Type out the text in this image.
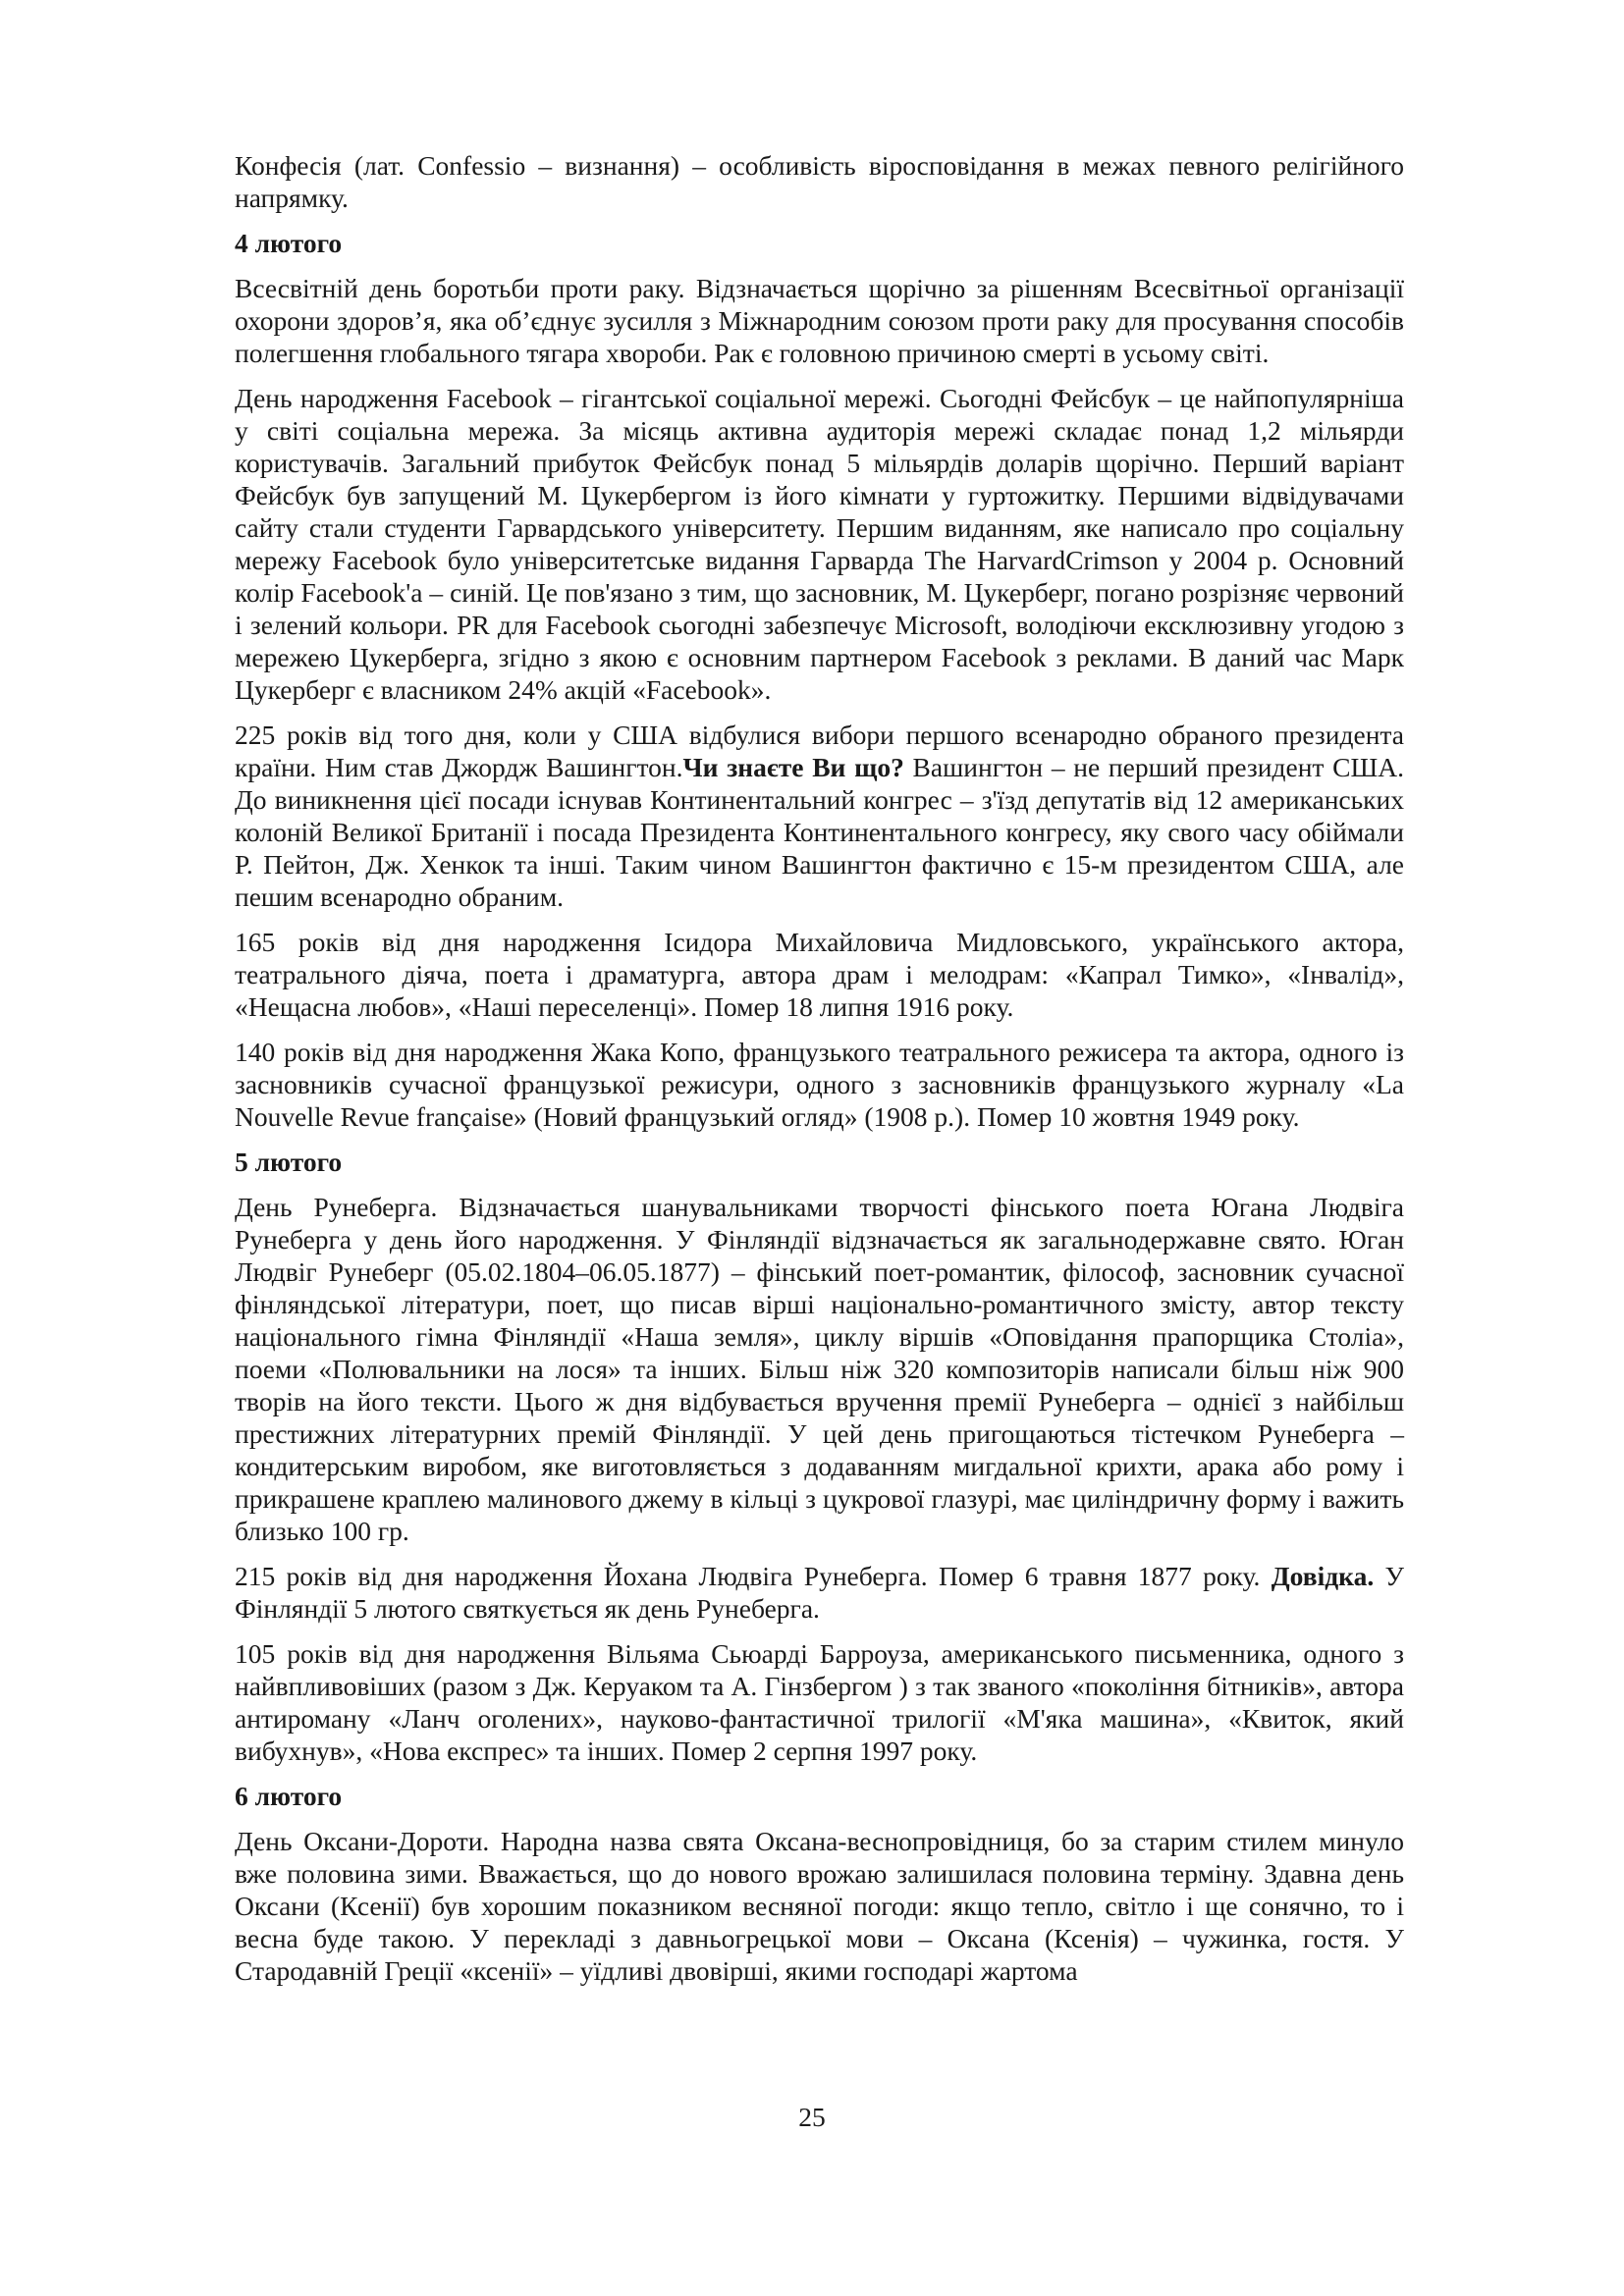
Конфесія (лат. Confessio – визнання) – особливість віросповідання в межах певного релігійного напрямку.

4 лютого

Всесвітній день боротьби проти раку. Відзначається щорічно за рішенням Всесвітньої організації охорони здоров’я, яка об’єднує зусилля з Міжнародним союзом проти раку для просування способів полегшення глобального тягара хвороби. Рак є головною причиною смерті в усьому світі.

День народження Facebook – гігантської соціальної мережі. Сьогодні Фейсбук – це найпопулярніша у світі соціальна мережа. За місяць активна аудиторія мережі складає понад 1,2 мільярди користувачів. Загальний прибуток Фейсбук понад 5 мільярдів доларів щорічно. Перший варіант Фейсбук був запущений М. Цукербергом із його кімнати у гуртожитку. Першими відвідувачами сайту стали студенти Гарвардського університету. Першим виданням, яке написало про соціальну мережу Facebook було університетське видання Гарварда The HarvardCrimson у 2004 р. Основний колір Facebook'а – синій. Це пов'язано з тим, що засновник, М. Цукерберг, погано розрізняє червоний і зелений кольори. PR для Facebook сьогодні забезпечує Microsoft, володіючи ексклюзивну угодою з мережею Цукерберга, згідно з якою є основним партнером Facebook з реклами. В даний час Марк Цукерберг є власником 24% акцій «Facebook».

225 років від того дня, коли у США відбулися вибори першого всенародно обраного президента країни. Ним став Джордж Вашингтон.Чи знаєте Ви що? Вашингтон – не перший президент США. До виникнення цієї посади існував Континентальний конгрес – з'їзд депутатів від 12 американських колоній Великої Британії і посада Президента Континентального конгресу, яку свого часу обіймали Р. Пейтон, Дж. Хенкок та інші. Таким чином Вашингтон фактично є 15-м президентом США, але пешим всенародно обраним.

165 років від дня народження Ісидора Михайловича Мидловського, українського актора, театрального діяча, поета і драматурга, автора драм і мелодрам: «Капрал Тимко», «Інвалід», «Нещасна любов», «Наші переселенці». Помер 18 липня 1916 року.

140 років від дня народження Жака Копо, французького театрального режисера та актора, одного із засновників сучасної французької режисури, одного з засновників французького журналу «La Nouvelle Revue française» (Новий французький огляд» (1908 р.). Помер 10 жовтня 1949 року.

5 лютого

День Рунеберга. Відзначається шанувальниками творчості фінського поета Югана Людвіга Рунеберга у день його народження. У Фінляндії відзначається як загальнодержавне свято. Юган Людвіг Рунеберг (05.02.1804–06.05.1877) – фінський поет-романтик, філософ, засновник сучасної фінляндської літератури, поет, що писав вірші національно-романтичного змісту, автор тексту національного гімна Фінляндії «Наша земля», циклу віршів «Оповідання прапорщика Століа», поеми «Полювальники на лося» та інших. Більш ніж 320 композиторів написали більш ніж 900 творів на його тексти. Цього ж дня відбувається вручення премії Рунеберга – однієї з найбільш престижних літературних премій Фінляндії. У цей день пригощаються тістечком Рунеберга – кондитерським виробом, яке виготовляється з додаванням мигдальної крихти, арака або рому і прикрашене краплею малинового джему в кільці з цукрової глазурі, має циліндричну форму і важить близько 100 гр.

215 років від дня народження Йохана Людвіга Рунеберга. Помер 6 травня 1877 року. Довідка. У Фінляндії 5 лютого святкується як день Рунеберга.

105 років від дня народження Вільяма Сьюарді Барроуза, американського письменника, одного з найвпливовіших (разом з Дж. Керуаком та А. Гінзбергом ) з так званого «покоління бітників», автора антироману «Ланч оголених», науково-фантастичної трилогії «М'яка машина», «Квиток, який вибухнув», «Нова експрес» та інших. Помер 2 серпня 1997 року.

6 лютого

День Оксани-Дороти. Народна назва свята Оксана-веснопровідниця, бо за старим стилем минуло вже половина зими. Вважається, що до нового врожаю залишилася половина терміну. Здавна день Оксани (Ксенії) був хорошим показником весняної погоди: якщо тепло, світло і ще сонячно, то і весна буде такою. У перекладі з давньогрецької мови – Оксана (Ксенія) – чужинка, гостя. У Стародавній Греції «ксенії» – уїдливі двовірші, якими господарі жартома

25
